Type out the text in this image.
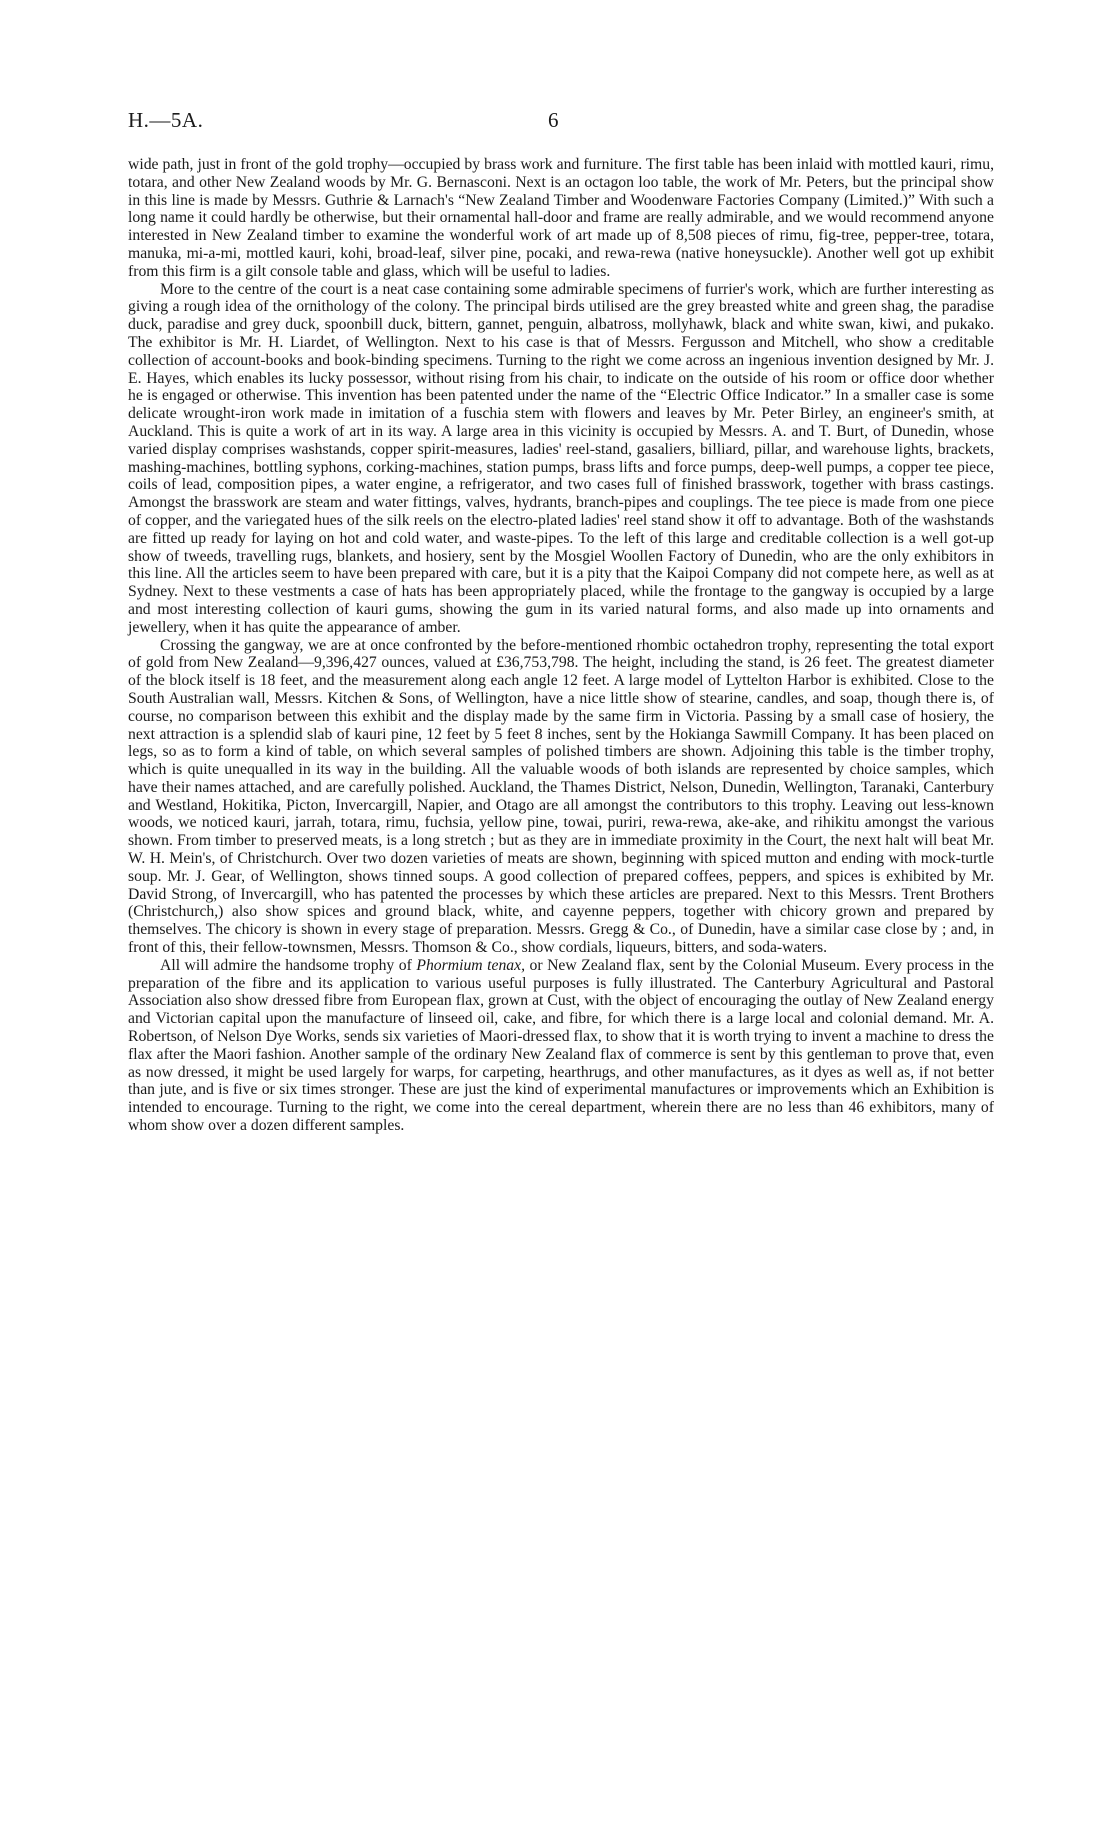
H.—5A.	6

wide path, just in front of the gold trophy—occupied by brass work and furniture. The first table has been inlaid with mottled kauri, rimu, totara, and other New Zealand woods by Mr. G. Bernasconi. Next is an octagon loo table, the work of Mr. Peters, but the principal show in this line is made by Messrs. Guthrie & Larnach's “New Zealand Timber and Woodenware Factories Company (Limited.)” With such a long name it could hardly be otherwise, but their ornamental hall-door and frame are really admirable, and we would recommend anyone interested in New Zealand timber to examine the wonderful work of art made up of 8,508 pieces of rimu, fig-tree, pepper-tree, totara, manuka, mi-a-mi, mottled kauri, kohi, broad-leaf, silver pine, pocaki, and rewa-rewa (native honeysuckle). Another well got up exhibit from this firm is a gilt console table and glass, which will be useful to ladies.

More to the centre of the court is a neat case containing some admirable specimens of furrier's work, which are further interesting as giving a rough idea of the ornithology of the colony. The principal birds utilised are the grey breasted white and green shag, the paradise duck, paradise and grey duck, spoonbill duck, bittern, gannet, penguin, albatross, mollyhawk, black and white swan, kiwi, and pukako. The exhibitor is Mr. H. Liardet, of Wellington. Next to his case is that of Messrs. Fergusson and Mitchell, who show a creditable collection of account-books and book-binding specimens. Turning to the right we come across an ingenious invention designed by Mr. J. E. Hayes, which enables its lucky possessor, without rising from his chair, to indicate on the outside of his room or office door whether he is engaged or otherwise. This invention has been patented under the name of the “Electric Office Indicator.” In a smaller case is some delicate wrought-iron work made in imitation of a fuschia stem with flowers and leaves by Mr. Peter Birley, an engineer's smith, at Auckland. This is quite a work of art in its way. A large area in this vicinity is occupied by Messrs. A. and T. Burt, of Dunedin, whose varied display comprises washstands, copper spirit-measures, ladies' reel-stand, gasaliers, billiard, pillar, and warehouse lights, brackets, mashing-machines, bottling syphons, corking-machines, station pumps, brass lifts and force pumps, deep-well pumps, a copper tee piece, coils of lead, composition pipes, a water engine, a refrigerator, and two cases full of finished brasswork, together with brass castings. Amongst the brasswork are steam and water fittings, valves, hydrants, branch-pipes and couplings. The tee piece is made from one piece of copper, and the variegated hues of the silk reels on the electro-plated ladies' reel stand show it off to advantage. Both of the washstands are fitted up ready for laying on hot and cold water, and waste-pipes. To the left of this large and creditable collection is a well got-up show of tweeds, travelling rugs, blankets, and hosiery, sent by the Mosgiel Woollen Factory of Dunedin, who are the only exhibitors in this line. All the articles seem to have been prepared with care, but it is a pity that the Kaipoi Company did not compete here, as well as at Sydney. Next to these vestments a case of hats has been appropriately placed, while the frontage to the gangway is occupied by a large and most interesting collection of kauri gums, showing the gum in its varied natural forms, and also made up into ornaments and jewellery, when it has quite the appearance of amber.

Crossing the gangway, we are at once confronted by the before-mentioned rhombic octahedron trophy, representing the total export of gold from New Zealand—9,396,427 ounces, valued at £36,753,798. The height, including the stand, is 26 feet. The greatest diameter of the block itself is 18 feet, and the measurement along each angle 12 feet. A large model of Lyttelton Harbor is exhibited. Close to the South Australian wall, Messrs. Kitchen & Sons, of Wellington, have a nice little show of stearine, candles, and soap, though there is, of course, no comparison between this exhibit and the display made by the same firm in Victoria. Passing by a small case of hosiery, the next attraction is a splendid slab of kauri pine, 12 feet by 5 feet 8 inches, sent by the Hokianga Sawmill Company. It has been placed on legs, so as to form a kind of table, on which several samples of polished timbers are shown. Adjoining this table is the timber trophy, which is quite unequalled in its way in the building. All the valuable woods of both islands are represented by choice samples, which have their names attached, and are carefully polished. Auckland, the Thames District, Nelson, Dunedin, Wellington, Taranaki, Canterbury and Westland, Hokitika, Picton, Invercargill, Napier, and Otago are all amongst the contributors to this trophy. Leaving out less-known woods, we noticed kauri, jarrah, totara, rimu, fuchsia, yellow pine, towai, puriri, rewa-rewa, ake-ake, and rihikitu amongst the various shown. From timber to preserved meats, is a long stretch ; but as they are in immediate proximity in the Court, the next halt will beat Mr. W. H. Mein's, of Christchurch. Over two dozen varieties of meats are shown, beginning with spiced mutton and ending with mock-turtle soup. Mr. J. Gear, of Wellington, shows tinned soups. A good collection of prepared coffees, peppers, and spices is exhibited by Mr. David Strong, of Invercargill, who has patented the processes by which these articles are prepared. Next to this Messrs. Trent Brothers (Christchurch,) also show spices and ground black, white, and cayenne peppers, together with chicory grown and prepared by themselves. The chicory is shown in every stage of preparation. Messrs. Gregg & Co., of Dunedin, have a similar case close by ; and, in front of this, their fellow-townsmen, Messrs. Thomson & Co., show cordials, liqueurs, bitters, and soda-waters.

All will admire the handsome trophy of Phormium tenax, or New Zealand flax, sent by the Colonial Museum. Every process in the preparation of the fibre and its application to various useful purposes is fully illustrated. The Canterbury Agricultural and Pastoral Association also show dressed fibre from European flax, grown at Cust, with the object of encouraging the outlay of New Zealand energy and Victorian capital upon the manufacture of linseed oil, cake, and fibre, for which there is a large local and colonial demand. Mr. A. Robertson, of Nelson Dye Works, sends six varieties of Maori-dressed flax, to show that it is worth trying to invent a machine to dress the flax after the Maori fashion. Another sample of the ordinary New Zealand flax of commerce is sent by this gentleman to prove that, even as now dressed, it might be used largely for warps, for carpeting, hearthrugs, and other manufactures, as it dyes as well as, if not better than jute, and is five or six times stronger. These are just the kind of experimental manufactures or improvements which an Exhibition is intended to encourage. Turning to the right, we come into the cereal department, wherein there are no less than 46 exhibitors, many of whom show over a dozen different samples.
